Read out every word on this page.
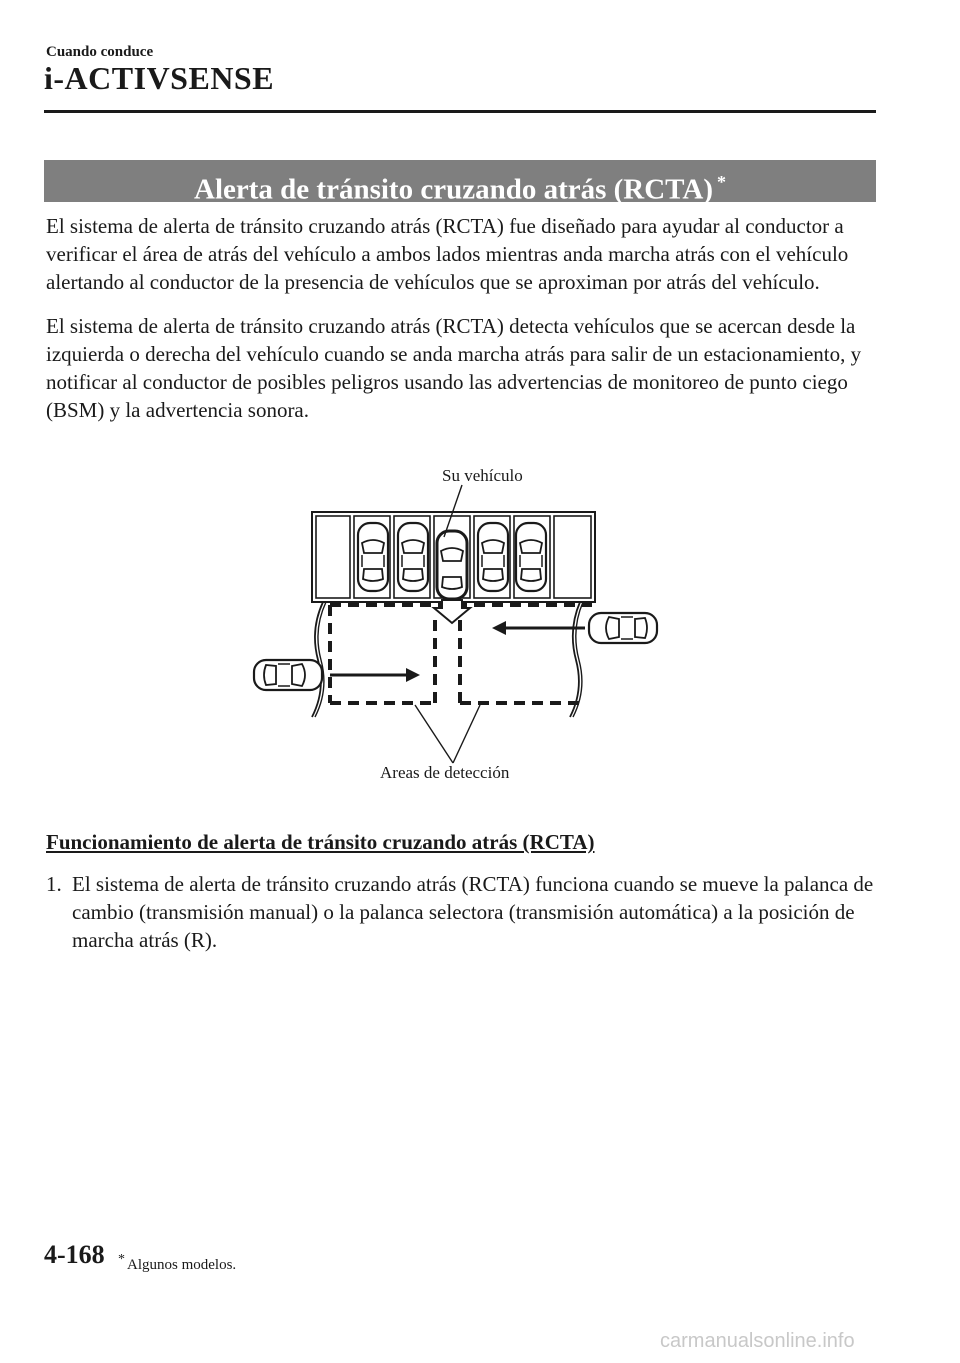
Cuando conduce
i-ACTIVSENSE
Alerta de tránsito cruzando atrás (RCTA) *
El sistema de alerta de tránsito cruzando atrás (RCTA) fue diseñado para ayudar al conductor a verificar el área de atrás del vehículo a ambos lados mientras anda marcha atrás con el vehículo alertando al conductor de la presencia de vehículos que se aproximan por atrás del vehículo.
El sistema de alerta de tránsito cruzando atrás (RCTA) detecta vehículos que se acercan desde la izquierda o derecha del vehículo cuando se anda marcha atrás para salir de un estacionamiento, y notificar al conductor de posibles peligros usando las advertencias de monitoreo de punto ciego (BSM) y la advertencia sonora.
Su vehículo
Areas de detección
Funcionamiento de alerta de tránsito cruzando atrás (RCTA)
1. El sistema de alerta de tránsito cruzando atrás (RCTA) funciona cuando se mueve la palanca de cambio (transmisión manual) o la palanca selectora (transmisión automática) a la posición de marcha atrás (R).
4-168 * Algunos modelos.
carmanualsonline.info
